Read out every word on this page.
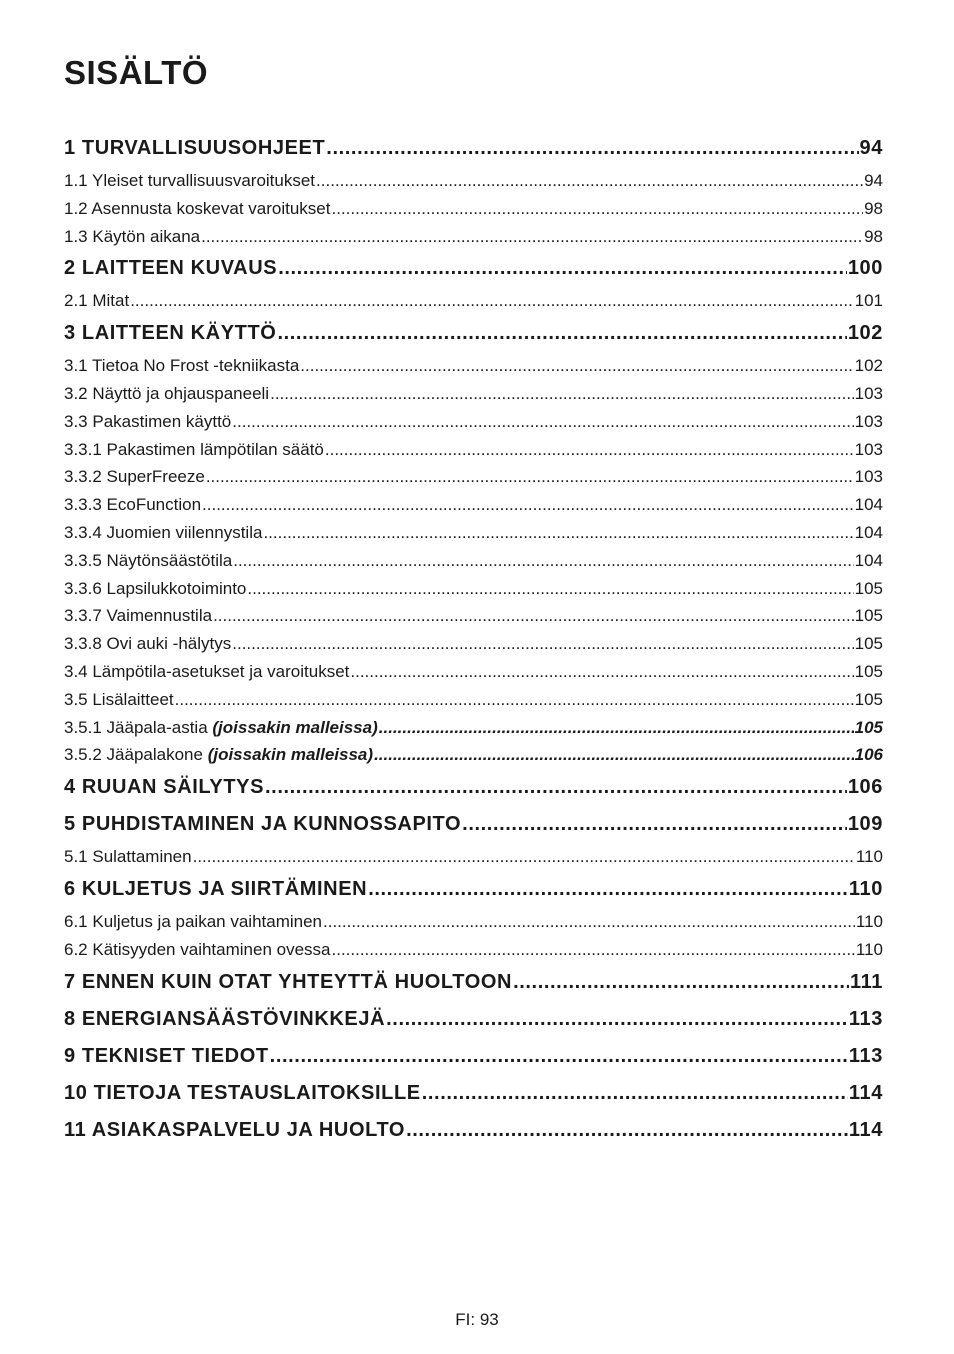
SISÄLTÖ
1 TURVALLISUUSOHJEET .....	94
1.1 Yleiset turvallisuusvaroitukset .....	94
1.2 Asennusta koskevat varoitukset .....	98
1.3 Käytön aikana .....	98
2 LAITTEEN KUVAUS .....	100
2.1 Mitat .....	101
3 LAITTEEN KÄYTTÖ .....	102
3.1 Tietoa No Frost -tekniikasta .....	102
3.2 Näyttö ja ohjauspaneeli .....	103
3.3 Pakastimen käyttö .....	103
3.3.1 Pakastimen lämpötilan säätö .....	103
3.3.2 SuperFreeze .....	103
3.3.3 EcoFunction .....	104
3.3.4 Juomien viilennystila .....	104
3.3.5 Näytönsäästötila .....	104
3.3.6 Lapsilukkotoiminto .....	105
3.3.7 Vaimennustila .....	105
3.3.8 Ovi auki -hälytys .....	105
3.4 Lämpötila-asetukset ja varoitukset .....	105
3.5 Lisälaitteet .....	105
3.5.1 Jääpala-astia (joissakin malleissa) .....	105
3.5.2 Jääpalakone (joissakin malleissa) .....	106
4 RUUAN SÄILYTYS .....	106
5 PUHDISTAMINEN JA KUNNOSSAPITO .....	109
5.1 Sulattaminen .....	110
6 KULJETUS JA SIIRTÄMINEN .....	110
6.1 Kuljetus ja paikan vaihtaminen .....	110
6.2 Kätisyyden vaihtaminen ovessa .....	110
7 ENNEN KUIN OTAT YHTEYTTÄ HUOLTOON .....	111
8 ENERGIANSÄÄSTÖVINKKEJÄ .....	113
9 TEKNISET TIEDOT .....	113
10 TIETOJA TESTAUSLAITOKSILLE .....	114
11 ASIAKASPALVELU JA HUOLTO .....	114
FI: 93
